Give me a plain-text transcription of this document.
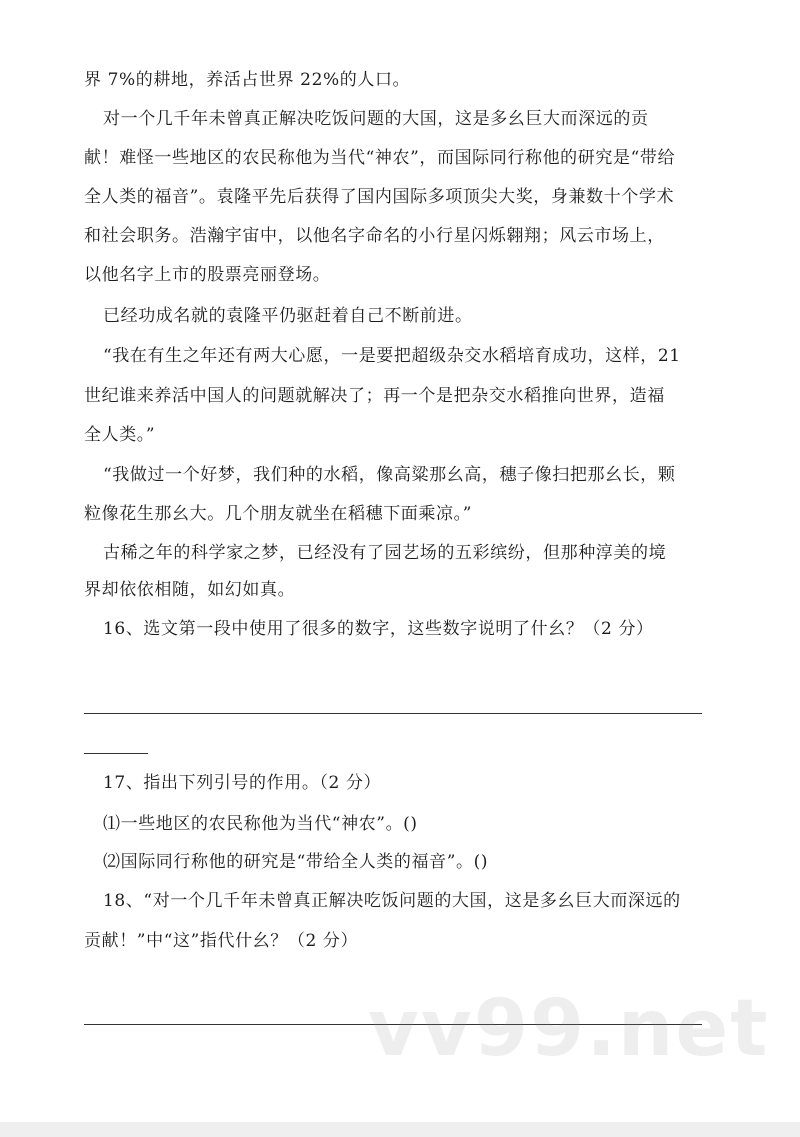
界 7%的耕地，养活占世界 22%的人口。
对一个几千年未曾真正解决吃饭问题的大国，这是多幺巨大而深远的贡
献！难怪一些地区的农民称他为当代“神农”，而国际同行称他的研究是“带给
全人类的福音”。袁隆平先后获得了国内国际多项顶尖大奖，身兼数十个学术
和社会职务。浩瀚宇宙中，以他名字命名的小行星闪烁翱翔；风云市场上，
以他名字上市的股票亮丽登场。
已经功成名就的袁隆平仍驱赶着自己不断前进。
“我在有生之年还有两大心愿，一是要把超级杂交水稻培育成功，这样，21
世纪谁来养活中国人的问题就解决了；再一个是把杂交水稻推向世界，造福
全人类。”
“我做过一个好梦，我们种的水稻，像高粱那幺高，穗子像扫把那幺长，颗
粒像花生那幺大。几个朋友就坐在稻穗下面乘凉。”
古稀之年的科学家之梦，已经没有了园艺场的五彩缤纷，但那种淳美的境
界却依依相随，如幻如真。
16、选文第一段中使用了很多的数字，这些数字说明了什幺？（2 分）
17、指出下列引号的作用。（2 分）
⑴一些地区的农民称他为当代“神农”。()
⑵国际同行称他的研究是“带给全人类的福音”。()
18、“对一个几千年未曾真正解决吃饭问题的大国，这是多幺巨大而深远的
贡献！”中“这”指代什幺？（2 分）
vv99.net
